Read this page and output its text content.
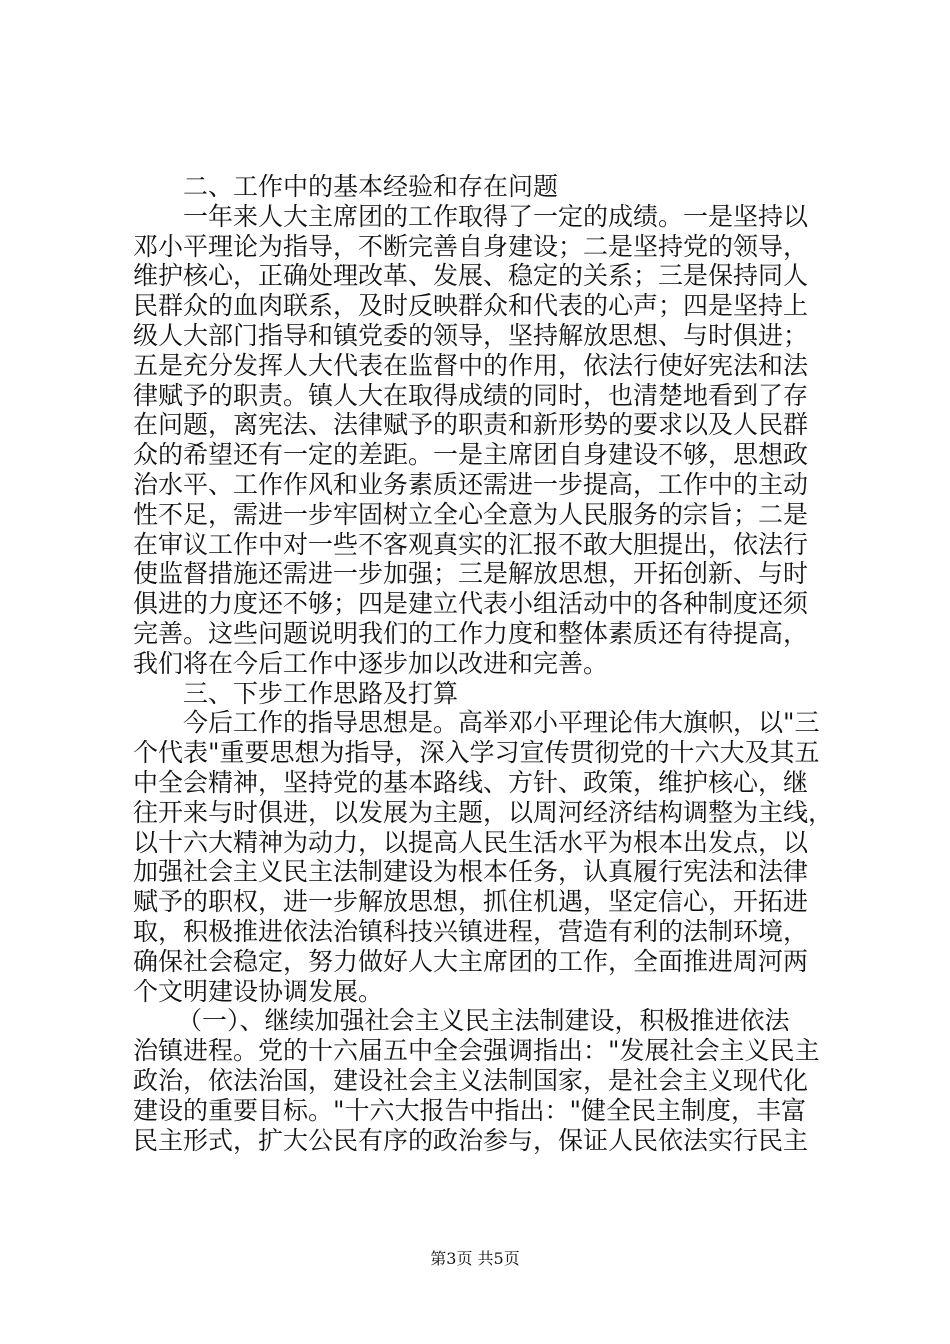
二、工作中的基本经验和存在问题
一年来人大主席团的工作取得了一定的成绩。一是坚持以
邓小平理论为指导，不断完善自身建设；二是坚持党的领导，
维护核心，正确处理改革、发展、稳定的关系；三是保持同人
民群众的血肉联系，及时反映群众和代表的心声；四是坚持上
级人大部门指导和镇党委的领导，坚持解放思想、与时俱进；
五是充分发挥人大代表在监督中的作用，依法行使好宪法和法
律赋予的职责。镇人大在取得成绩的同时，也清楚地看到了存
在问题，离宪法、法律赋予的职责和新形势的要求以及人民群
众的希望还有一定的差距。一是主席团自身建设不够，思想政
治水平、工作作风和业务素质还需进一步提高，工作中的主动
性不足，需进一步牢固树立全心全意为人民服务的宗旨；二是
在审议工作中对一些不客观真实的汇报不敢大胆提出，依法行
使监督措施还需进一步加强；三是解放思想，开拓创新、与时
俱进的力度还不够；四是建立代表小组活动中的各种制度还须
完善。这些问题说明我们的工作力度和整体素质还有待提高，
我们将在今后工作中逐步加以改进和完善。
三、下步工作思路及打算
今后工作的指导思想是。高举邓小平理论伟大旗帜，以"三
个代表"重要思想为指导，深入学习宣传贯彻党的十六大及其五
中全会精神，坚持党的基本路线、方针、政策，维护核心，继
往开来与时俱进，以发展为主题，以周河经济结构调整为主线，
以十六大精神为动力，以提高人民生活水平为根本出发点，以
加强社会主义民主法制建设为根本任务，认真履行宪法和法律
赋予的职权，进一步解放思想，抓住机遇，坚定信心，开拓进
取，积极推进依法治镇科技兴镇进程，营造有利的法制环境，
确保社会稳定，努力做好人大主席团的工作，全面推进周河两
个文明建设协调发展。
（一）、继续加强社会主义民主法制建设，积极推进依法
治镇进程。党的十六届五中全会强调指出："发展社会主义民主
政治，依法治国，建设社会主义法制国家，是社会主义现代化
建设的重要目标。"十六大报告中指出："健全民主制度，丰富
民主形式，扩大公民有序的政治参与，保证人民依法实行民主
第3页 共5页
